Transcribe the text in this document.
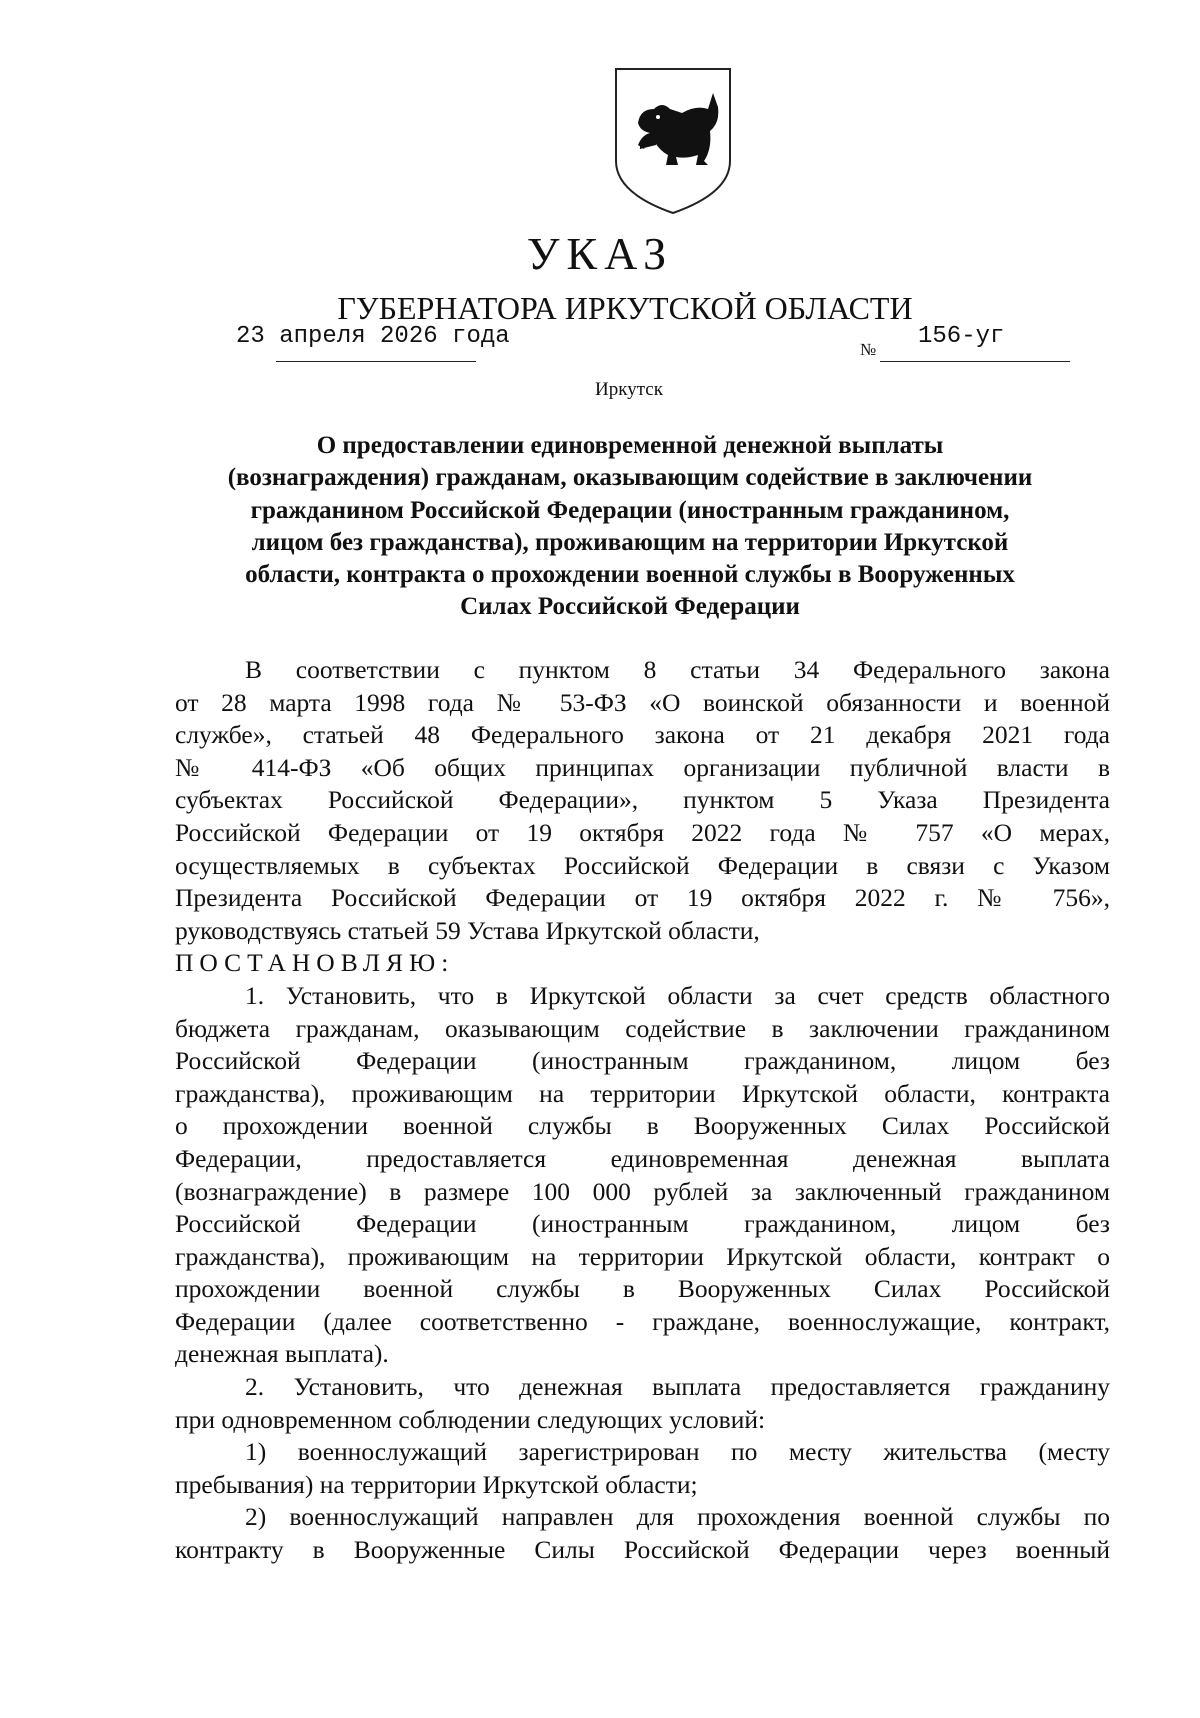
УКАЗ
ГУБЕРНАТОРА ИРКУТСКОЙ ОБЛАСТИ
23 апреля 2026 года	№ 156-уг
Иркутск
О предоставлении единовременной денежной выплаты
(вознаграждения) гражданам, оказывающим содействие в заключении
гражданином Российской Федерации (иностранным гражданином,
лицом без гражданства), проживающим на территории Иркутской
области, контракта о прохождении военной службы в Вооруженных
Силах Российской Федерации
В соответствии с пунктом 8 статьи 34 Федерального закона
от 28 марта 1998 года № 53-ФЗ «О воинской обязанности и военной
службе», статьей 48 Федерального закона от 21 декабря 2021 года
№ 414-ФЗ «Об общих принципах организации публичной власти в
субъектах Российской Федерации», пунктом 5 Указа Президента
Российской Федерации от 19 октября 2022 года № 757 «О мерах,
осуществляемых в субъектах Российской Федерации в связи с Указом
Президента Российской Федерации от 19 октября 2022 г. № 756»,
руководствуясь статьей 59 Устава Иркутской области,
ПОСТАНОВЛЯЮ:
1. Установить, что в Иркутской области за счет средств областного
бюджета гражданам, оказывающим содействие в заключении гражданином
Российской Федерации (иностранным гражданином, лицом без
гражданства), проживающим на территории Иркутской области, контракта
о прохождении военной службы в Вооруженных Силах Российской
Федерации, предоставляется единовременная денежная выплата
(вознаграждение) в размере 100 000 рублей за заключенный гражданином
Российской Федерации (иностранным гражданином, лицом без
гражданства), проживающим на территории Иркутской области, контракт о
прохождении военной службы в Вооруженных Силах Российской
Федерации (далее соответственно - граждане, военнослужащие, контракт,
денежная выплата).
2. Установить, что денежная выплата предоставляется гражданину
при одновременном соблюдении следующих условий:
1) военнослужащий зарегистрирован по месту жительства (месту
пребывания) на территории Иркутской области;
2) военнослужащий направлен для прохождения военной службы по
контракту в Вооруженные Силы Российской Федерации через военный
